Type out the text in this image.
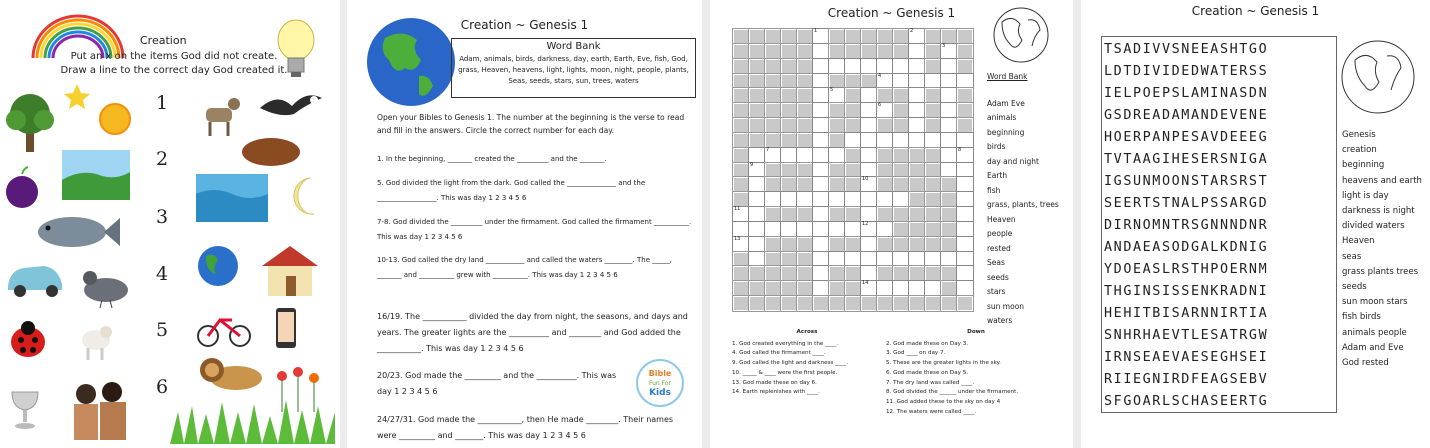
Creation
Put an x on the items God did not create.
Draw a line to the correct day God created it.
1
2
3
4
5
6
Creation ~ Genesis 1
Word Bank
Adam, animals, birds, darkness, day, earth, Earth, Eve, fish, God, grass, Heaven, heavens, light, lights, moon, night, people, plants, Seas, seeds, stars, sun, trees, waters
Open your Bibles to Genesis 1. The number at the beginning is the verse to read and fill in the answers. Circle the correct number for each day.
1. In the beginning, _______ created the _________ and the _______.
5. God divided the light from the dark. God called the ______________ and the _________________. This was day 1 2 3 4 5 6
7-8. God divided the _________ under the firmament. God called the firmament __________. This was day 1 2 3 4 5 6
10-13. God called the dry land ___________ and called the waters ________. The _____, _______ and __________ grew with __________. This was day 1 2 3 4 5 6
16/19. The ___________ divided the day from night, the seasons, and days and years. The greater lights are the __________ and ________ and God added the ___________. This was day 1 2 3 4 5 6
20/23. God made the _________ and the __________. This was day 1 2 3 4 5 6
24/27/31. God made the ___________, then He made ________. Their names were _________ and _______. This was day 1 2 3 4 5 6
Bible
Fun For
Kids
Creation ~ Genesis 1
1	2
3
4
5
6
7	8
9
10
11
12
13
14
Word Bank
Adam Eve
animals
beginning
birds
day and night
Earth
fish
grass, plants, trees
Heaven
people
rested
Seas
seeds
stars
sun moon
waters
Across
1. God created everything in the ____.
4. God called the firmament ____.
9. God called the light and darkness ____.
10. _____ & ____ were the first people.
13. God made these on day 6.
14. Earth replenishes with ____.
Down
2. God made these on Day 3.
3. God ____ on day 7.
5. These are the greater lights in the sky.
6. God made these on Day 5.
7. The dry land was called ____.
8. God divided the ______ under the firmament.
11. God added these to the sky on day 4
12. The waters were called ____.
Creation ~ Genesis 1
TSADIVVSNEEASHTGO
LDTDIVIDEDWATERSS
IELPOEPSLAMINASDN
GSDREADAMANDEVENE
HOERPANPESAVDEEEG
TVTAAGIHESERSNIGA
IGSUNMOONSTARSRST
SEERTSTNALPSSARGD
DIRNOMNTRSGNNNDNR
ANDAEASODGALKDNIG
YDOEASLRSTHPOERNM
THGINSISSENKRADNI
HEHITBISARNNIRTIA
SNHRHAEVTLESATRGW
IRNSEAEVAESEGHSEI
RIIEGNIRDFEAGSEBV
SFGOARLSCHASEERTG
Genesis
creation
beginning
heavens and earth
light is day
darkness is night
divided waters
Heaven
seas
grass plants trees
seeds
sun moon stars
fish birds
animals people
Adam and Eve
God rested
